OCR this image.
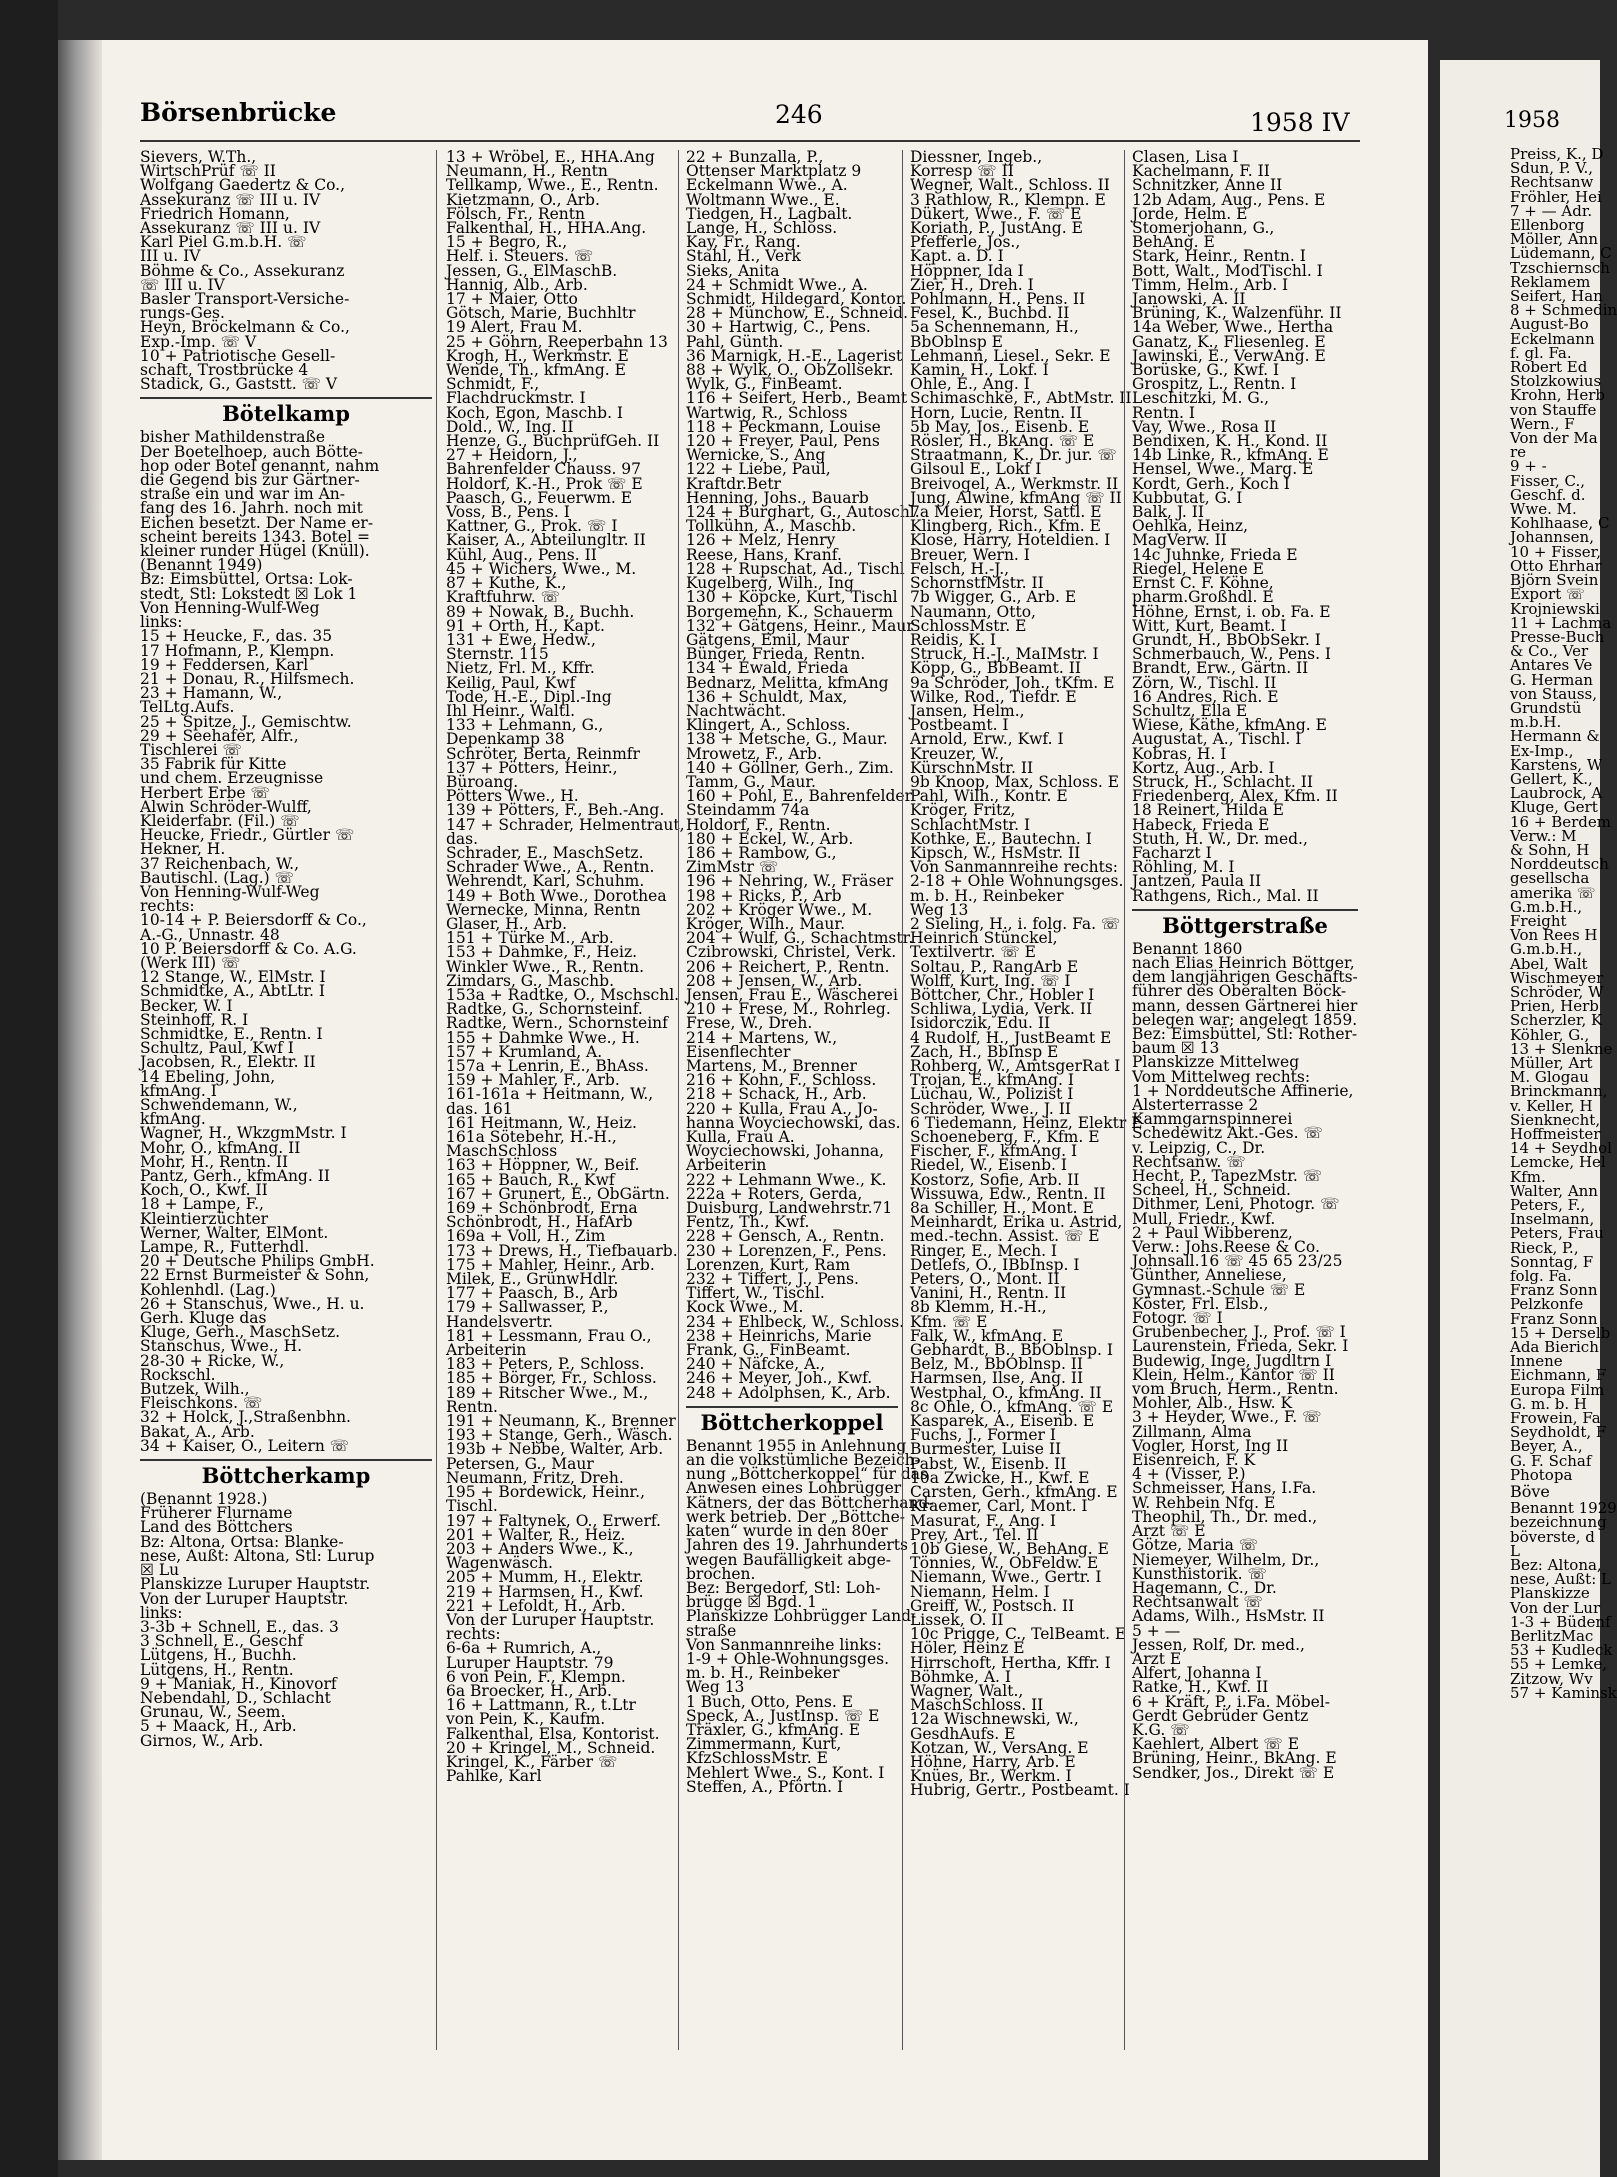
Börsenbrücke	246	1958 IV
Sievers, W.Th.,
WirtschPrüf ☏ II
Wolfgang Gaedertz & Co.,
Assekuranz ☏ III u. IV
Friedrich Homann,
Assekuranz ☏ III u. IV
Karl Piel G.m.b.H. ☏
III u. IV
Böhme & Co., Assekuranz
☏ III u. IV
Basler Transport-Versiche-
rungs-Ges.
Heyn, Bröckelmann & Co.,
Exp.-Imp. ☏ V
10 + Patriotische Gesell-
schaft, Trostbrücke 4
Stadick, G., Gaststt. ☏ V
Bötelkamp
bisher Mathildenstraße
Der Boetelhoep, auch Bötte-
hop oder Botel genannt, nahm
die Gegend bis zur Gärtner-
straße ein und war im An-
fang des 16. Jahrh. noch mit
Eichen besetzt. Der Name er-
scheint bereits 1343. Botel =
kleiner runder Hügel (Knüll).
(Benannt 1949)
Bz: Eimsbüttel, Ortsa: Lok-
stedt, Stl: Lokstedt ☒ Lok 1
Von Henning-Wulf-Weg
links:
15 + Heucke, F., das. 35
17 Hofmann, P., Klempn.
19 + Feddersen, Karl
21 + Donau, R., Hilfsmech.
23 + Hamann, W.,
TelLtg.Aufs.
25 + Spitze, J., Gemischtw.
29 + Seehafer, Alfr.,
Tischlerei ☏
35 Fabrik für Kitte
und chem. Erzeugnisse
Herbert Erbe ☏
Alwin Schröder-Wulff,
Kleiderfabr. (Fil.) ☏
Heucke, Friedr., Gürtler ☏
Hekner, H.
37 Reichenbach, W.,
Bautischl. (Lag.) ☏
Von Henning-Wulf-Weg
rechts:
10-14 + P. Beiersdorff & Co.,
A.-G., Unnastr. 48
10 P. Beiersdorff & Co. A.G.
(Werk III) ☏
12 Stange, W., ElMstr. I
Schmidtke, A., AbtLtr. I
Becker, W. I
Steinhoff, R. I
Schmidtke, E., Rentn. I
Schultz, Paul, Kwf I
Jacobsen, R., Elektr. II
14 Ebeling, John,
kfmAng. I
Schwendemann, W.,
kfmAng.
Wagner, H., WkzgmMstr. I
Mohr, O., kfmAng. II
Mohr, H., Rentn. II
Pantz, Gerh., kfmAng. II
Koch, O., Kwf. II
18 + Lampe, F.,
Kleintierzüchter
Werner, Walter, ElMont.
Lampe, R., Futterhdl.
20 + Deutsche Philips GmbH.
22 Ernst Burmeister & Sohn,
Kohlenhdl. (Lag.)
26 + Stanschus, Wwe., H. u.
Gerh. Kluge das
Kluge, Gerh., MaschSetz.
Stanschus, Wwe., H.
28-30 + Ricke, W.,
Rockschl.
Butzek, Wilh.,
Fleischkons. ☏
32 + Holck, J.,Straßenbhn.
Bakat, A., Arb.
34 + Kaiser, O., Leitern ☏
Böttcherkamp
(Benannt 1928.)
Früherer Flurname
Land des Böttchers
Bz: Altona, Ortsa: Blanke-
nese, Außt: Altona, Stl: Lurup
☒ Lu
Planskizze Luruper Hauptstr.
Von der Luruper Hauptstr.
links:
3-3b + Schnell, E., das. 3
3 Schnell, E., Geschf
Lütgens, H., Buchh.
Lütgens, H., Rentn.
9 + Maniak, H., Kinovorf
Nebendahl, D., Schlacht
Grunau, W., Seem.
5 + Maack, H., Arb.
Girnos, W., Arb.
13 + Wröbel, E., HHA.Ang
Neumann, H., Rentn
Tellkamp, Wwe., E., Rentn.
Kietzmann, O., Arb.
Fölsch, Fr., Rentn
Falkenthal, H., HHA.Ang.
15 + Begro, R.,
Helf. i. Steuers. ☏
Jessen, G., ElMaschB.
Hannig, Alb., Arb.
17 + Maier, Otto
Götsch, Marie, Buchhltr
19 Alert, Frau M.
25 + Göhrn, Reeperbahn 13
Krogh, H., Werkmstr. E
Wende, Th., kfmAng. E
Schmidt, F.,
Flachdruckmstr. I
Koch, Egon, Maschb. I
Dold., W., Ing. II
Henze, G., BuchprüfGeh. II
27 + Heidorn, J.,
Bahrenfelder Chauss. 97
Holdorf, K.-H., Prok ☏ E
Paasch, G., Feuerwm. E
Voss, B., Pens. I
Kattner, G., Prok. ☏ I
Kaiser, A., Abteilungltr. II
Kühl, Aug., Pens. II
45 + Wichers, Wwe., M.
87 + Kuthe, K.,
Kraftfuhrw. ☏
89 + Nowak, B., Buchh.
91 + Orth, H., Kapt.
131 + Ewe, Hedw.,
Sternstr. 115
Nietz, Frl. M., Kffr.
Keilig, Paul, Kwf
Tode, H.-E., Dipl.-Ing
Ihl Heinr., Waltl.
133 + Lehmann, G.,
Depenkamp 38
Schröter, Berta, Reinmfr
137 + Pötters, Heinr.,
Büroang.
Pötters Wwe., H.
139 + Pötters, F., Beh.-Ang.
147 + Schrader, Helmentraut,
das.
Schrader, E., MaschSetz.
Schrader Wwe., A., Rentn.
Wehrendt, Karl, Schuhm.
149 + Both Wwe., Dorothea
Wernecke, Minna, Rentn
Glaser, H., Arb.
151 + Türke M., Arb.
153 + Dahmke, F., Heiz.
Winkler Wwe., R., Rentn.
Zimdars, G., Maschb.
153a + Radtke, O., Mschschl.
Radtke, G., Schornsteinf.
Radtke, Wern., Schornsteinf
155 + Dahmke Wwe., H.
157 + Krumland, A.
157a + Lenrin, E., BhAss.
159 + Mahler, F., Arb.
161-161a + Heitmann, W.,
das. 161
161 Heitmann, W., Heiz.
161a Sötebehr, H.-H.,
MaschSchloss
163 + Höppner, W., Beif.
165 + Bauch, R., Kwf
167 + Grunert, E., ObGärtn.
169 + Schönbrodt, Erna
Schönbrodt, H., HafArb
169a + Voll, H., Zim
173 + Drews, H., Tiefbauarb.
175 + Mahler, Heinr., Arb.
Milek, E., GrünwHdlr.
177 + Paasch, B., Arb
179 + Sallwasser, P.,
Handelsvertr.
181 + Lessmann, Frau O.,
Arbeiterin
183 + Peters, P., Schloss.
185 + Börger, Fr., Schloss.
189 + Ritscher Wwe., M.,
Rentn.
191 + Neumann, K., Brenner
193 + Stange, Gerh., Wäsch.
193b + Nebbe, Walter, Arb.
Petersen, G., Maur
Neumann, Fritz, Dreh.
195 + Bordewick, Heinr.,
Tischl.
197 + Faltynek, O., Erwerf.
201 + Walter, R., Heiz.
203 + Anders Wwe., K.,
Wagenwäsch.
205 + Mumm, H., Elektr.
219 + Harmsen, H., Kwf.
221 + Lefoldt, H., Arb.
Von der Luruper Hauptstr.
rechts:
6-6a + Rumrich, A.,
Luruper Hauptstr. 79
6 von Pein, F., Klempn.
6a Broecker, H., Arb.
16 + Lattmann, R., t.Ltr
von Pein, K., Kaufm.
Falkenthal, Elsa, Kontorist.
20 + Kringel, M., Schneid.
Kringel, K., Färber ☏
Pahlke, Karl
22 + Bunzalla, P.,
Ottenser Marktplatz 9
Eckelmann Wwe., A.
Woltmann Wwe., E.
Tiedgen, H., Lagbalt.
Lange, H., Schloss.
Kay, Fr., Rang.
Stahl, H., Verk
Sieks, Anita
24 + Schmidt Wwe., A.
Schmidt, Hildegard, Kontor.
28 + Münchow, E., Schneid.
30 + Hartwig, C., Pens.
Pahl, Günth.
36 Marnigk, H.-E., Lagerist
88 + Wylk, O., ObZollsekr.
Wylk, G., FinBeamt.
116 + Seifert, Herb., Beamt
Wartwig, R., Schloss
118 + Peckmann, Louise
120 + Freyer, Paul, Pens
Wernicke, S., Ang
122 + Liebe, Paul,
Kraftdr.Betr
Henning, Johs., Bauarb
124 + Burghart, G., Autoschl.
Tollkühn, A., Maschb.
126 + Melz, Henry
Reese, Hans, Kranf.
128 + Rupschat, Ad., Tischl
Kugelberg, Wilh., Ing
130 + Köpcke, Kurt, Tischl
Borgemehn, K., Schauerm
132 + Gätgens, Heinr., Maur
Gätgens, Emil, Maur
Bünger, Frieda, Rentn.
134 + Ewald, Frieda
Bednarz, Melitta, kfmAng
136 + Schuldt, Max,
Nachtwächt.
Klingert, A., Schloss.
138 + Metsche, G., Maur.
Mrowetz, F., Arb.
140 + Göllner, Gerh., Zim.
Tamm, G., Maur.
160 + Pohl, E., Bahrenfelder
Steindamm 74a
Holdorf, F., Rentn.
180 + Eckel, W., Arb.
186 + Rambow, G.,
ZimMstr ☏
196 + Nehring, W., Fräser
198 + Ricks, P., Arb
202 + Kröger Wwe., M.
Kröger, Wilh., Maur.
204 + Wulf, G., Schachtmstr.
Czibrowski, Christel, Verk.
206 + Reichert, P., Rentn.
208 + Jensen, W., Arb.
Jensen, Frau E., Wäscherei
210 + Frese, M., Rohrleg.
Frese, W., Dreh.
214 + Martens, W.,
Eisenflechter
Martens, M., Brenner
216 + Kohn, F., Schloss.
218 + Schack, H., Arb.
220 + Kulla, Frau A., Jo-
hanna Woyciechowski, das.
Kulla, Frau A.
Woyciechowski, Johanna,
Arbeiterin
222 + Lehmann Wwe., K.
222a + Roters, Gerda,
Duisburg, Landwehrstr.71
Fentz, Th., Kwf.
228 + Gensch, A., Rentn.
230 + Lorenzen, F., Pens.
Lorenzen, Kurt, Ram
232 + Tiffert, J., Pens.
Tiffert, W., Tischl.
Kock Wwe., M.
234 + Ehlbeck, W., Schloss.
238 + Heinrichs, Marie
Frank, G., FinBeamt.
240 + Näfcke, A.,
246 + Meyer, Joh., Kwf.
248 + Adolphsen, K., Arb.
Böttcherkoppel
Benannt 1955 in Anlehnung
an die volkstümliche Bezeich-
nung „Böttcherkoppel“ für das
Anwesen eines Lohbrügger
Kätners, der das Böttcherhand-
werk betrieb. Der „Böttche-
katen“ wurde in den 80er
Jahren des 19. Jahrhunderts
wegen Baufälligkeit abge-
brochen.
Bez: Bergedorf, Stl: Loh-
brügge ☒ Bgd. 1
Planskizze Lohbrügger Land-
straße
Von Sanmannreihe links:
1-9 + Ohle-Wohnungsges.
m. b. H., Reinbeker
Weg 13
1 Buch, Otto, Pens. E
Speck, A., JustInsp. ☏ E
Träxler, G., kfmAng. E
Zimmermann, Kurt,
KfzSchlossMstr. E
Mehlert Wwe., S., Kont. I
Steffen, A., Pförtn. I
Diessner, Ingeb.,
Korresp ☏ II
Wegner, Walt., Schloss. II
3 Rathlow, R., Klempn. E
Dükert, Wwe., F. ☏ E
Koriath, P., JustAng. E
Pfefferle, Jos.,
Kapt. a. D. I
Höppner, Ida I
Zier, H., Dreh. I
Pohlmann, H., Pens. II
Fesel, K., Buchbd. II
5a Schennemann, H.,
BbOblnsp E
Lehmann, Liesel., Sekr. E
Kamin, H., Lokf. I
Ohle, E., Ang. I
Schimaschke, F., AbtMstr. II
Horn, Lucie, Rentn. II
5b May, Jos., Eisenb. E
Rösler, H., BkAng. ☏ E
Straatmann, K., Dr. jur. ☏
Gilsoul E., Lokf I
Breivogel, A., Werkmstr. II
Jung, Alwine, kfmAng ☏ II
7a Meier, Horst, Sattl. E
Klingberg, Rich., Kfm. E
Klose, Harry, Hoteldien. I
Breuer, Wern. I
Felsch, H.-J.,
SchornstfMstr. II
7b Wigger, G., Arb. E
Naumann, Otto,
SchlossMstr. E
Reidis, K. I
Struck, H.-J., MaIMstr. I
Köpp, G., BbBeamt. II
9a Schröder, Joh., tKfm. E
Wilke, Rod., Tiefdr. E
Jansen, Helm.,
Postbeamt. I
Arnold, Erw., Kwf. I
Kreuzer, W.,
KürschnMstr. II
9b Knoop, Max, Schloss. E
Pahl, Wilh., Kontr. E
Kröger, Fritz,
SchlachtMstr. I
Kothke, E., Bautechn. I
Kipsch, W., HsMstr. II
Von Sanmannreihe rechts:
2-18 + Ohle Wohnungsges.
m. b. H., Reinbeker
Weg 13
2 Sieling, H., i. folg. Fa. ☏
Heinrich Stünckel,
Textilvertr. ☏ E
Soltau, P., RangArb E
Wolff, Kurt, Ing. ☏ I
Böttcher, Chr., Hobler I
Schliwa, Lydia, Verk. II
Isidorczik, Edu. II
4 Rudolf, H., JustBeamt E
Zach, H., BbInsp E
Rohberg, W., AmtsgerRat I
Trojan, E., kfmAng. I
Lüchau, W., Polizist I
Schröder, Wwe., J. II
6 Tiedemann, Heinz, Elektr E
Schoeneberg, F., Kfm. E
Fischer, F., kfmAng. I
Riedel, W., Eisenb. I
Kostorz, Sofie, Arb. II
Wissuwa, Edw., Rentn. II
8a Schiller, H., Mont. E
Meinhardt, Erika u. Astrid,
med.-techn. Assist. ☏ E
Ringer, E., Mech. I
Detlefs, O., IBbInsp. I
Peters, O., Mont. II
Vanini, H., Rentn. II
8b Klemm, H.-H.,
Kfm. ☏ E
Falk, W., kfmAng. E
Gebhardt, B., BbOblnsp. I
Belz, M., BbOblnsp. II
Harmsen, Ilse, Ang. II
Westphal, O., kfmAng. II
8c Ohle, O., kfmAng. ☏ E
Kasparek, A., Eisenb. E
Fuchs, J., Former I
Burmester, Luise II
Pabst, W., Eisenb. II
10a Zwicke, H., Kwf. E
Carsten, Gerh., kfmAng. E
Kraemer, Carl, Mont. I
Masurat, F., Ang. I
Prey, Art., Tel. II
10b Giese, W., BehAng. E
Tönnies, W., ObFeldw. E
Niemann, Wwe., Gertr. I
Niemann, Helm. I
Greiff, W., Postsch. II
Lissek, O. II
10c Prigge, C., TelBeamt. E
Höler, Heinz E
Hirrschoft, Hertha, Kffr. I
Böhmke, A. I
Wagner, Walt.,
MaschSchloss. II
12a Wischnewski, W.,
GesdhAufs. E
Kotzan, W., VersAng. E
Höhne, Harry, Arb. E
Knües, Br., Werkm. I
Hubrig, Gertr., Postbeamt. I
Clasen, Lisa I
Kachelmann, F. II
Schnitzker, Anne II
12b Adam, Aug., Pens. E
Jorde, Helm. E
Stomerjohann, G.,
BehAng. E
Stark, Heinr., Rentn. I
Bott, Walt., ModTischl. I
Timm, Helm., Arb. I
Janowski, A. II
Brüning, K., Walzenführ. II
14a Weber, Wwe., Hertha
Ganatz, K., Fliesenleg. E
Jawinski, E., VerwAng. E
Borüske, G., Kwf. I
Grospitz, L., Rentn. I
Leschitzki, M. G.,
Rentn. I
Vay, Wwe., Rosa II
Bendixen, K. H., Kond. II
14b Linke, R., kfmAng. E
Hensel, Wwe., Marg. E
Kordt, Gerh., Koch I
Kubbutat, G. I
Balk, J. II
Oehlka, Heinz,
MagVerw. II
14c Juhnke, Frieda E
Riegel, Helene E
Ernst C. F. Köhne,
pharm.Großhdl. E
Höhne, Ernst, i. ob. Fa. E
Witt, Kurt, Beamt. I
Grundt, H., BbObSekr. I
Schmerbauch, W., Pens. I
Brandt, Erw., Gärtn. II
Zörn, W., Tischl. II
16 Andres, Rich. E
Schultz, Ella E
Wiese, Käthe, kfmAng. E
Augustat, A., Tischl. I
Kobras, H. I
Kortz, Aug., Arb. I
Struck, H., Schlacht. II
Friedenberg, Alex, Kfm. II
18 Reinert, Hilda E
Habeck, Frieda E
Stuth, H. W., Dr. med.,
Facharzt I
Röhling, M. I
Jantzen, Paula II
Rathgens, Rich., Mal. II
Böttgerstraße
Benannt 1860
nach Elias Heinrich Böttger,
dem langjährigen Geschäfts-
führer des Oberalten Böck-
mann, dessen Gärtnerei hier
belegen war; angelegt 1859.
Bez: Eimsbüttel, Stl: Rother-
baum ☒ 13
Planskizze Mittelweg
Vom Mittelweg rechts:
1 + Norddeutsche Affinerie,
Alsterterrasse 2
Kammgarnspinnerei
Schedewitz Akt.-Ges. ☏
v. Leipzig, C., Dr.
Rechtsanw. ☏
Hecht, P., TapezMstr. ☏
Scheel, H., Schneid.
Dithmer, Leni, Photogr. ☏
Mull, Friedr., Kwf.
2 + Paul Wibberenz,
Verw.: Johs.Reese & Co.
Johnsall.16 ☏ 45 65 23/25
Günther, Anneliese,
Gymnast.-Schule ☏ E
Köster, Frl. Elsb.,
Fotogr. ☏ I
Grubenbecher, J., Prof. ☏ I
Laurenstein, Frieda, Sekr. I
Budewig, Inge, Jugdltrn I
Klein, Helm., Kantor ☏ II
vom Bruch, Herm., Rentn.
Mohler, Alb., Hsw. K
3 + Heyder, Wwe., F. ☏
Zillmann, Alma
Vogler, Horst, Ing II
Eisenreich, F. K
4 + (Visser, P.)
Schmeisser, Hans, I.Fa.
W. Rehbein Nfg. E
Theophil, Th., Dr. med.,
Arzt ☏ E
Götze, Maria ☏
Niemeyer, Wilhelm, Dr.,
Kunsthistorik. ☏
Hagemann, C., Dr.
Rechtsanwalt ☏
Adams, Wilh., HsMstr. II
5 + —
Jessen, Rolf, Dr. med.,
Arzt E
Alfert, Johanna I
Ratke, H., Kwf. II
6 + Kräft, P., i.Fa. Möbel-
Gerdt Gebrüder Gentz
K.G. ☏
Kaehlert, Albert ☏ E
Brüning, Heinr., BkAng. E
Sendker, Jos., Direkt ☏ E
1958
Preiss, K., D
Sdun, P. V.,
Rechtsanw
Fröhler, Hei
7 + — Adr.
Ellenborg
Möller, Ann
Lüdemann, C
Tzschiernsch
Reklamem
Seifert, Han
8 + Schmedin
August-Bo
Eckelmann
f. gl. Fa.
Robert Ed
Stolzkowius
Krohn, Herb
von Stauffe
Wern., F
Von der Ma
re
9 + -
Fisser, C.,
Geschf. d.
Wwe. M.
Kohlhaase, C
Johannsen,
10 + Fisser,
Otto Ehrhar
Björn Svein
Export ☏
Krojniewski
11 + Lachma
Presse-Buch
& Co., Ver
Antares Ve
G. Herman
von Stauss,
Grundstü
m.b.H.
Hermann &
Ex-Imp.,
Karstens, W
Gellert, K.,
Laubrock, A
Kluge, Gert
16 + Berdem
Verw.: M
& Sohn, H
Norddeutsch
gesellscha
amerika ☏
G.m.b.H.,
Freight
Von Rees H
G.m.b.H.,
Abel, Walt
Wischmeyer
Schröder, W
Prien, Herb
Scherzler, K
Köhler, G.,
13 + Slenkne
Müller, Art
M. Glogau
Brinckmann,
v. Keller, H
Sienknecht,
Hoffmeister
14 + Seydhol
Lemcke, Hel
Kfm.
Walter, Ann
Peters, F.,
Inselmann,
Peters, Frau
Rieck, P.,
Sonntag, F
folg. Fa.
Franz Sonn
Pelzkonfe
Franz Sonn
15 + Derselb
Ada Bierich
Innene
Eichmann, F
Europa Film
G. m. b. H
Frowein, Fa
Seydholdt, F
Beyer, A.,
G. F. Schaf
Photopa
Böve
Benannt 1929
bezeichnung
böverste, d
L
Bez: Altona,
nese, Außt: L
Planskizze
Von der Lur
1-3 + Büdenf
BerlitzMac
53 + Kudleck
55 + Lemke,
Zitzow, Wv
57 + Kaminsk
